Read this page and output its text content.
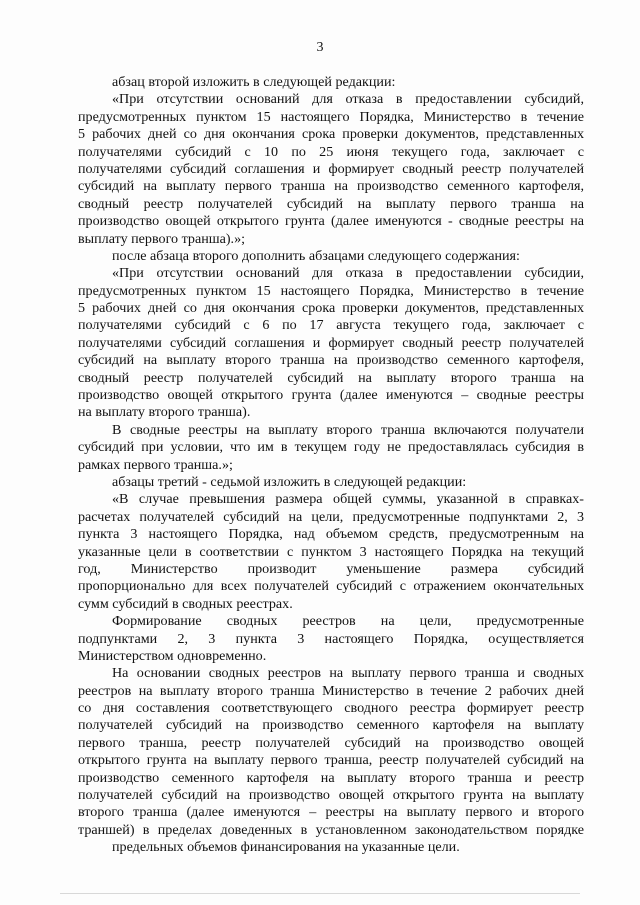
3
абзац второй изложить в следующей редакции:
«При отсутствии оснований для отказа в предоставлении субсидий,
предусмотренных пунктом 15 настоящего Порядка, Министерство в течение
5 рабочих дней со дня окончания срока проверки документов, представленных
получателями субсидий с 10 по 25 июня текущего года, заключает с
получателями субсидий соглашения и формирует сводный реестр получателей
субсидий на выплату первого транша на производство семенного картофеля,
сводный реестр получателей субсидий на выплату первого транша на
производство овощей открытого грунта (далее именуются - сводные реестры на
выплату первого транша).»;
после абзаца второго дополнить абзацами следующего содержания:
«При отсутствии оснований для отказа в предоставлении субсидии,
предусмотренных пунктом 15 настоящего Порядка, Министерство в течение
5 рабочих дней со дня окончания срока проверки документов, представленных
получателями субсидий с 6 по 17 августа текущего года, заключает с
получателями субсидий соглашения и формирует сводный реестр получателей
субсидий на выплату второго транша на производство семенного картофеля,
сводный реестр получателей субсидий на выплату второго транша на
производство овощей открытого грунта (далее именуются – сводные реестры
на выплату второго транша).
В сводные реестры на выплату второго транша включаются получатели
субсидий при условии, что им в текущем году не предоставлялась субсидия в
рамках первого транша.»;
абзацы третий - седьмой изложить в следующей редакции:
«В случае превышения размера общей суммы, указанной в справках-
расчетах получателей субсидий на цели, предусмотренные подпунктами 2, 3
пункта 3 настоящего Порядка, над объемом средств, предусмотренным на
указанные цели в соответствии с пунктом 3 настоящего Порядка на текущий
год, Министерство производит уменьшение размера субсидий
пропорционально для всех получателей субсидий с отражением окончательных
сумм субсидий в сводных реестрах.
Формирование сводных реестров на цели, предусмотренные
подпунктами 2, 3 пункта 3 настоящего Порядка, осуществляется
Министерством одновременно.
На основании сводных реестров на выплату первого транша и сводных
реестров на выплату второго транша Министерство в течение 2 рабочих дней
со дня составления соответствующего сводного реестра формирует реестр
получателей субсидий на производство семенного картофеля на выплату
первого транша, реестр получателей субсидий на производство овощей
открытого грунта на выплату первого транша, реестр получателей субсидий на
производство семенного картофеля на выплату второго транша и реестр
получателей субсидий на производство овощей открытого грунта на выплату
второго транша (далее именуются – реестры на выплату первого и второго
траншей) в пределах доведенных в установленном законодательством порядке
предельных объемов финансирования на указанные цели.
